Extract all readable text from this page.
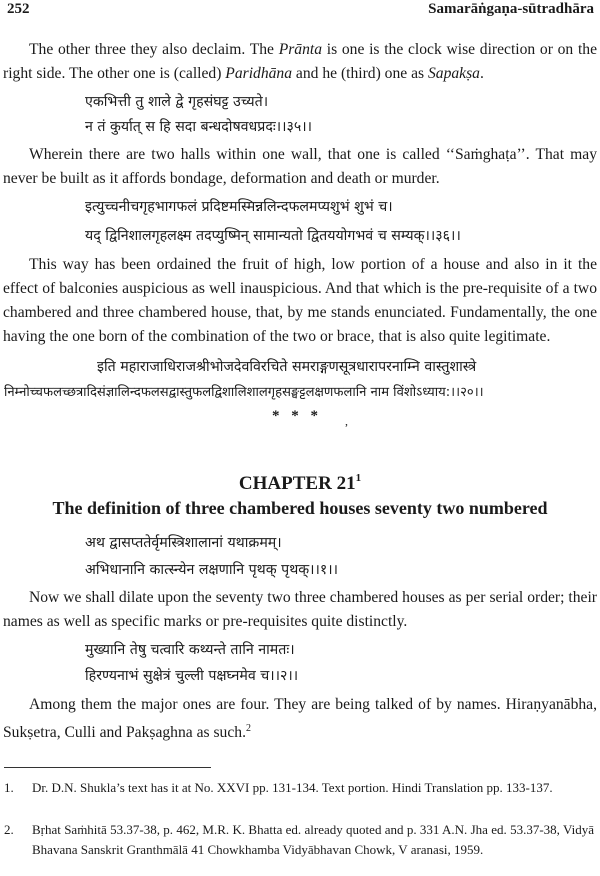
252	Samarāṅgaṇa-sūtradhāra

The other three they also declaim. The Prānta is one is the clock wise direction or on the right side. The other one is (called) Paridhāna and he (third) one as Sapakṣa.

एकभित्ती तु शाले द्वे गृहसंघट्ट उच्यते।
न तं कुर्यात् स हि सदा बन्धदोषवधप्रदः।।३५।।

Wherein there are two halls within one wall, that one is called ‘‘Saṁghaṭa’’. That may never be built as it affords bondage, deformation and death or murder.

इत्युच्चनीचगृहभागफलं प्रदिष्टमस्मिन्नलिन्दफलमप्यशुभं शुभं च।
यद् द्विनिशालगृहलक्ष्म तदप्युष्मिन् सामान्यतो द्वितययोगभवं च सम्यक्।।३६।।

This way has been ordained the fruit of high, low portion of a house and also in it the effect of balconies auspicious as well inauspicious. And that which is the pre-requisite of a two chambered and three chambered house, that, by me stands enunciated. Fundamentally, the one having the one born of the combination of the two or brace, that is also quite legitimate.

इति महाराजाधिराजश्रीभोजदेवविरचिते समराङ्गणसूत्रधारापरनाम्नि वास्तुशास्त्रे
निम्नोच्चफलच्छत्रादिसंज्ञालिन्दफलसद्वास्तुफलद्विशालिशालगृहसङ्घट्टलक्षणफलानि नाम विंशोऽध्याय:।।२०।।
* * * ,
CHAPTER $21^1$
The definition of three chambered houses seventy two numbered
अथ द्वासप्ततेर्वृमस्त्रिशालानां यथाक्रमम्।
अभिधानानि कात्स्न्येन लक्षणानि पृथक् पृथक्।।१।।

Now we shall dilate upon the seventy two three chambered houses as per serial order; their names as well as specific marks or pre-requisites quite distinctly.

मुख्यानि तेषु चत्वारि कथ्यन्ते तानि नामतः।
हिरण्यनाभं सुक्षेत्रं चुल्ली पक्षघ्नमेव च।।२।।

Among them the major ones are four. They are being talked of by names. Hiraṇyanābha, Sukṣetra, Culli and Pakṣaghna as such.$^2$

1. Dr. D.N. Shukla’s text has it at No. XXVI pp. 131-134. Text portion. Hindi Translation pp. 133-137.
2. Bṛhat Saṁhitā 53.37-38, p. 462, M.R. K. Bhatta ed. already quoted and p. 331 A.N. Jha ed. 53.37-38, Vidyā Bhavana Sanskrit Granthmālā 41 Chowkhamba Vidyābhavan Chowk, V aranasi, 1959.
